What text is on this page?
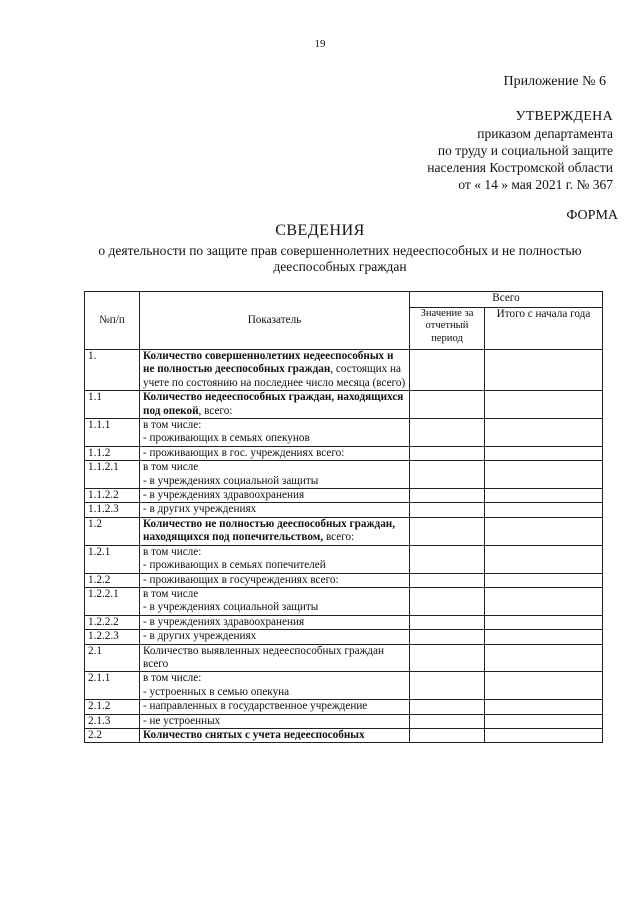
19
Приложение № 6
УТВЕРЖДЕНА
приказом департамента
по труду и социальной защите
населения Костромской области
от « 14 » мая 2021 г. № 367
ФОРМА
СВЕДЕНИЯ
о деятельности по защите прав совершеннолетних недееспособных и не полностью дееспособных граждан
№п/п	Показатель	Всего	
		Значение за отчетный период	Итого с начала года
1.	Количество совершеннолетних недееспособных и не полностью дееспособных граждан, состоящих на учете по состоянию на последнее число месяца (всего)		

1.1	Количество недееспособных граждан, находящихся под опекой, всего:		

1.1.1	в том числе:
- проживающих в семьях опекунов		

1.1.2	- проживающих в гос. учреждениях всего:		

1.1.2.1	в том числе
- в учреждениях социальной защиты		

1.1.2.2	- в учреждениях здравоохранения		

1.1.2.3	- в других учреждениях		

1.2	Количество не полностью дееспособных граждан, находящихся под попечительством, всего:		

1.2.1	в том числе:
- проживающих в семьях попечителей		

1.2.2	- проживающих в госучреждениях всего:		

1.2.2.1	в том числе
- в учреждениях социальной защиты		

1.2.2.2	- в учреждениях здравоохранения		

1.2.2.3	- в других учреждениях		

2.1	Количество выявленных недееспособных граждан всего		

2.1.1	в том числе:
- устроенных в семью опекуна		

2.1.2	- направленных в государственное учреждение		

2.1.3	- не устроенных		

2.2	Количество снятых с учета недееспособных		
